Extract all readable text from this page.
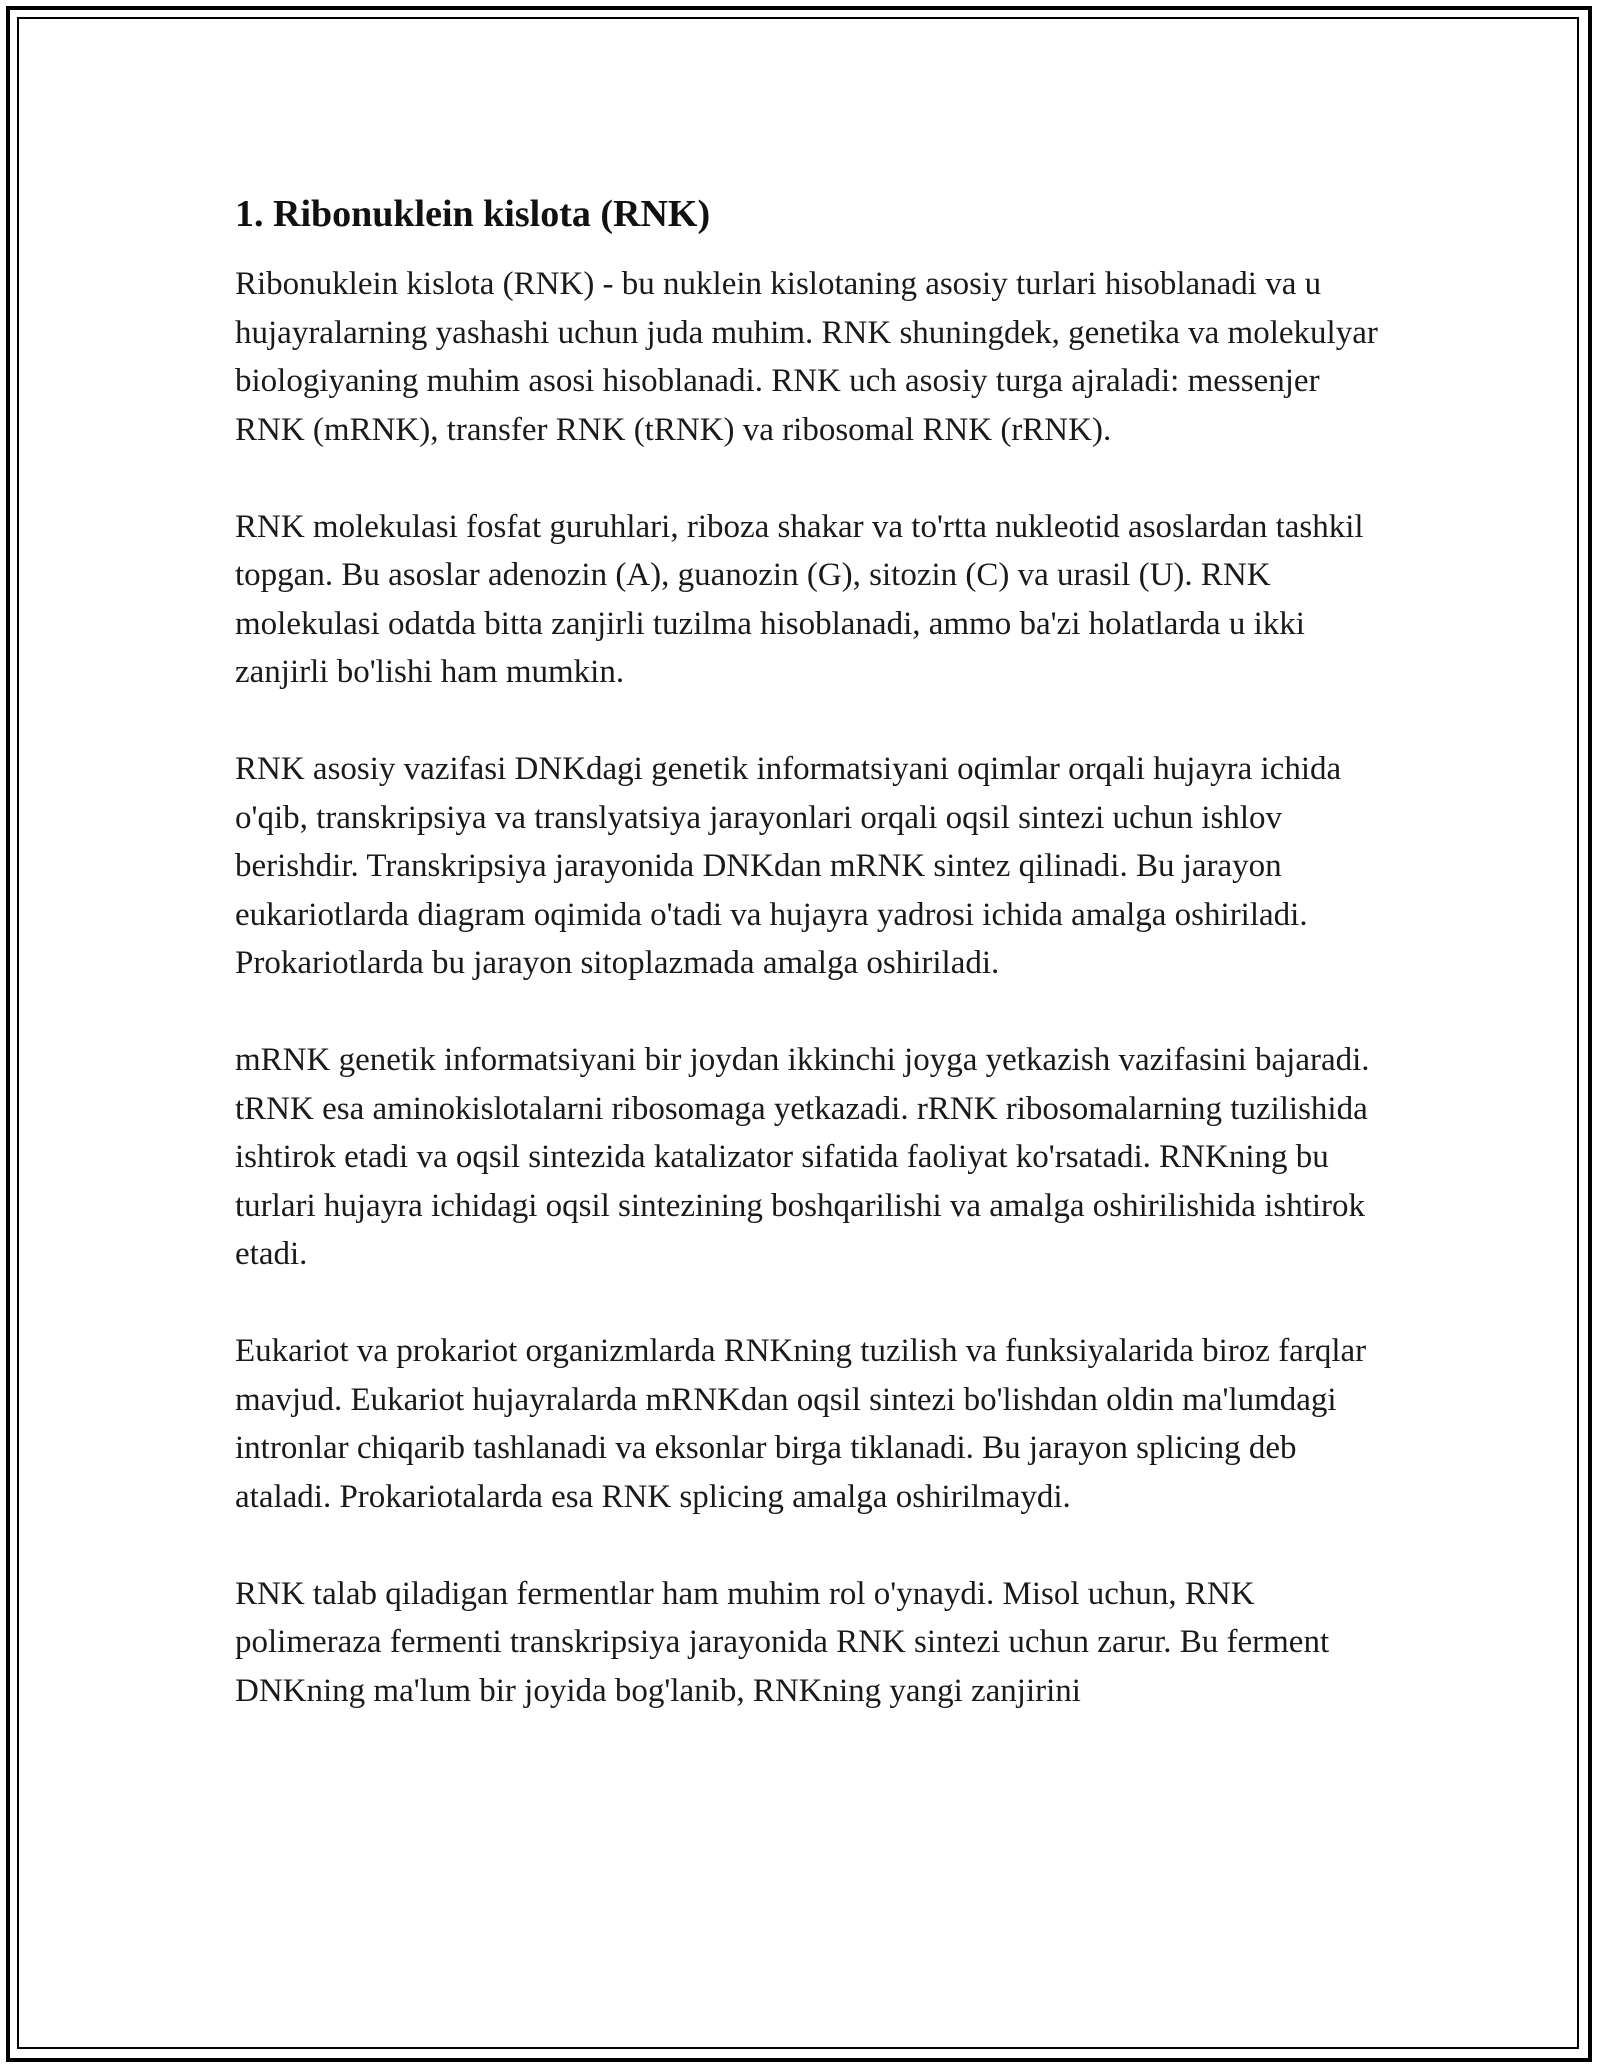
1. Ribonuklein kislota (RNK)

Ribonuklein kislota (RNK) - bu nuklein kislotaning asosiy turlari hisoblanadi va u hujayralarning yashashi uchun juda muhim. RNK shuningdek, genetika va molekulyar biologiyaning muhim asosi hisoblanadi. RNK uch asosiy turga ajraladi: messenjer RNK (mRNK), transfer RNK (tRNK) va ribosomal RNK (rRNK).

RNK molekulasi fosfat guruhlari, riboza shakar va to'rtta nukleotid asoslardan tashkil topgan. Bu asoslar adenozin (A), guanozin (G), sitozin (C) va urasil (U). RNK molekulasi odatda bitta zanjirli tuzilma hisoblanadi, ammo ba'zi holatlarda u ikki zanjirli bo'lishi ham mumkin.

RNK asosiy vazifasi DNKdagi genetik informatsiyani oqimlar orqali hujayra ichida o'qib, transkripsiya va translyatsiya jarayonlari orqali oqsil sintezi uchun ishlov berishdir. Transkripsiya jarayonida DNKdan mRNK sintez qilinadi. Bu jarayon eukariotlarda diagram oqimida o'tadi va hujayra yadrosi ichida amalga oshiriladi. Prokariotlarda bu jarayon sitoplazmada amalga oshiriladi.

mRNK genetik informatsiyani bir joydan ikkinchi joyga yetkazish vazifasini bajaradi. tRNK esa aminokislotalarni ribosomaga yetkazadi. rRNK ribosomalarning tuzilishida ishtirok etadi va oqsil sintezida katalizator sifatida faoliyat ko'rsatadi. RNKning bu turlari hujayra ichidagi oqsil sintezining boshqarilishi va amalga oshirilishida ishtirok etadi.

Eukariot va prokariot organizmlarda RNKning tuzilish va funksiyalarida biroz farqlar mavjud. Eukariot hujayralarda mRNKdan oqsil sintezi bo'lishdan oldin ma'lumdagi intronlar chiqarib tashlanadi va eksonlar birga tiklanadi. Bu jarayon splicing deb ataladi. Prokariotalarda esa RNK splicing amalga oshirilmaydi.

RNK talab qiladigan fermentlar ham muhim rol o'ynaydi. Misol uchun, RNK polimeraza fermenti transkripsiya jarayonida RNK sintezi uchun zarur. Bu ferment DNKning ma'lum bir joyida bog'lanib, RNKning yangi zanjirini
